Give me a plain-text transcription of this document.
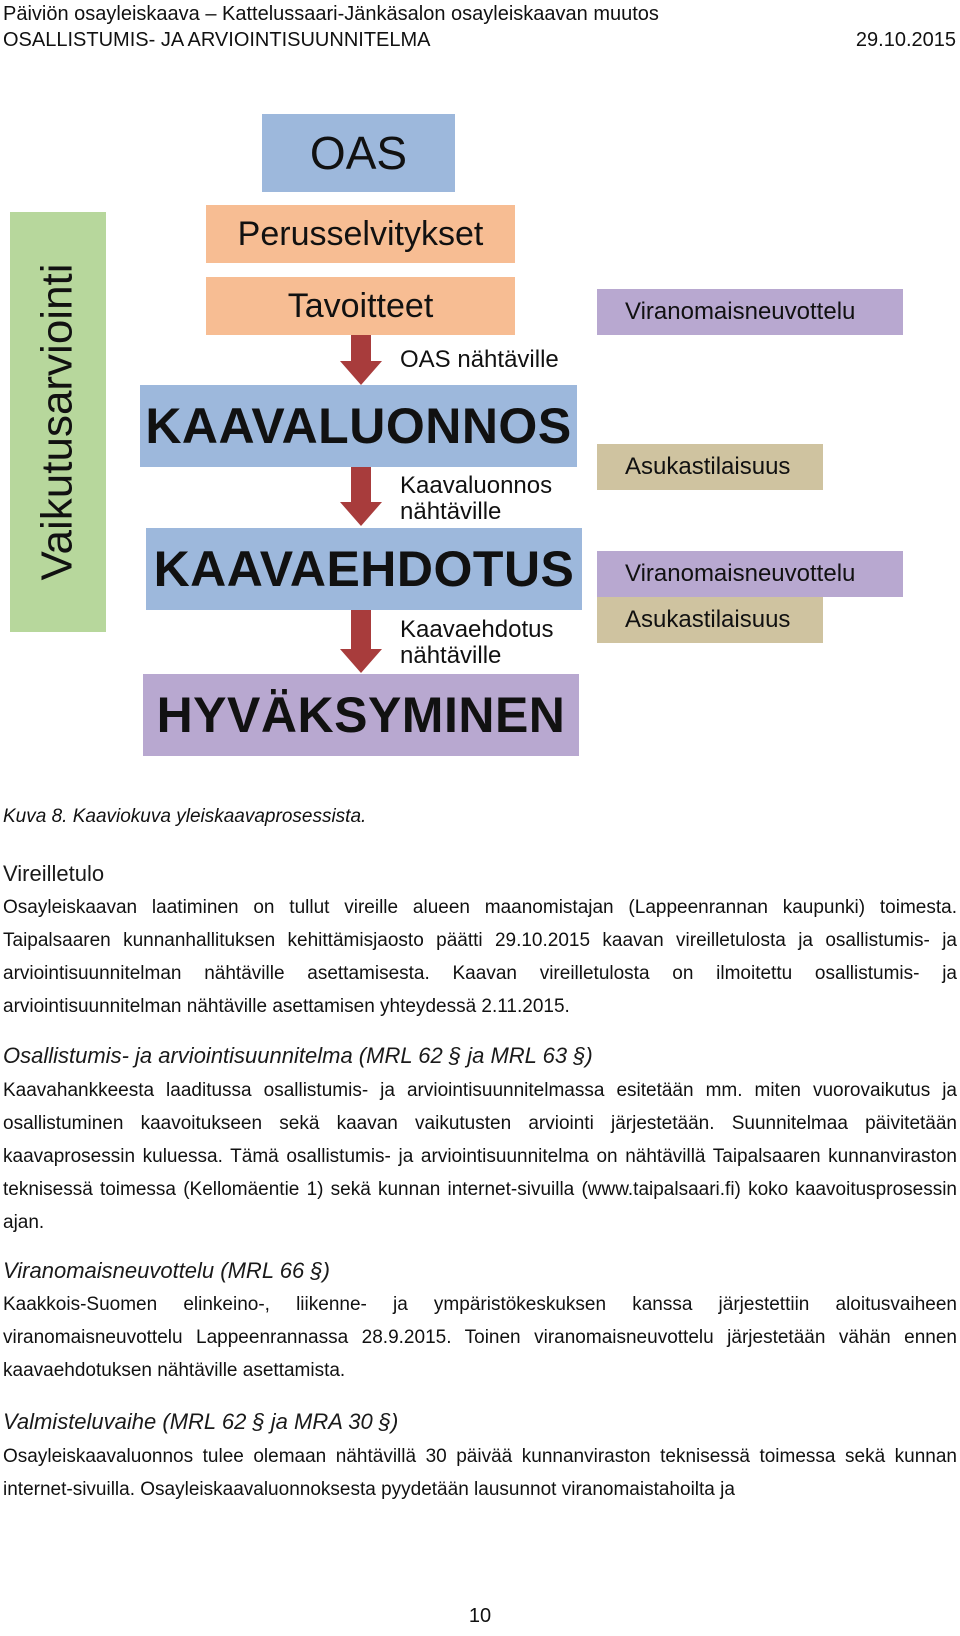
Päiviön osayleiskaava – Kattelussaari-Jänkäsalon osayleiskaavan muutos
OSALLISTUMIS- JA ARVIOINTISUUNNITELMA	29.10.2015
Vaikutusarviointi
OAS
Perusselvitykset
Tavoitteet
OAS nähtäville
KAAVALUONNOS
Kaavaluonnos
nähtäville
KAAVAEHDOTUS
Kaavaehdotus
nähtäville
HYVÄKSYMINEN
Viranomaisneuvottelu
Asukastilaisuus
Viranomaisneuvottelu
Asukastilaisuus
Kuva 8. Kaaviokuva yleiskaavaprosessista.
Vireilletulo

Osayleiskaavan laatiminen on tullut vireille alueen maanomistajan (Lappeenrannan kaupunki) toimesta. Taipalsaaren kunnanhallituksen kehittämisjaosto päätti 29.10.2015 kaavan vireilletulosta ja osallistumis- ja arviointisuunnitelman nähtäville asettamisesta. Kaavan vireilletulosta on ilmoitettu osallistumis- ja arviointisuunnitelman nähtäville asettamisen yhteydessä 2.11.2015.

Osallistumis- ja arviointisuunnitelma (MRL 62 § ja MRL 63 §)

Kaavahankkeesta laaditussa osallistumis- ja arviointisuunnitelmassa esitetään mm. miten vuorovaikutus ja osallistuminen kaavoitukseen sekä kaavan vaikutusten arviointi järjestetään. Suunnitelmaa päivitetään kaavaprosessin kuluessa. Tämä osallistumis- ja arviointisuunnitelma on nähtävillä Taipalsaaren kunnanviraston teknisessä toimessa (Kellomäentie 1) sekä kunnan internet-sivuilla (www.taipalsaari.fi) koko kaavoitusprosessin ajan.

Viranomaisneuvottelu (MRL 66 §)

Kaakkois-Suomen elinkeino-, liikenne- ja ympäristökeskuksen kanssa järjestettiin aloitusvaiheen viranomaisneuvottelu Lappeenrannassa 28.9.2015. Toinen viranomaisneuvottelu järjestetään vähän ennen kaavaehdotuksen nähtäville asettamista.

Valmisteluvaihe (MRL 62 § ja MRA 30 §)

Osayleiskaavaluonnos tulee olemaan nähtävillä 30 päivää kunnanviraston teknisessä toimessa sekä kunnan internet-sivuilla. Osayleiskaavaluonnoksesta pyydetään lausunnot viranomaistahoilta ja

10
